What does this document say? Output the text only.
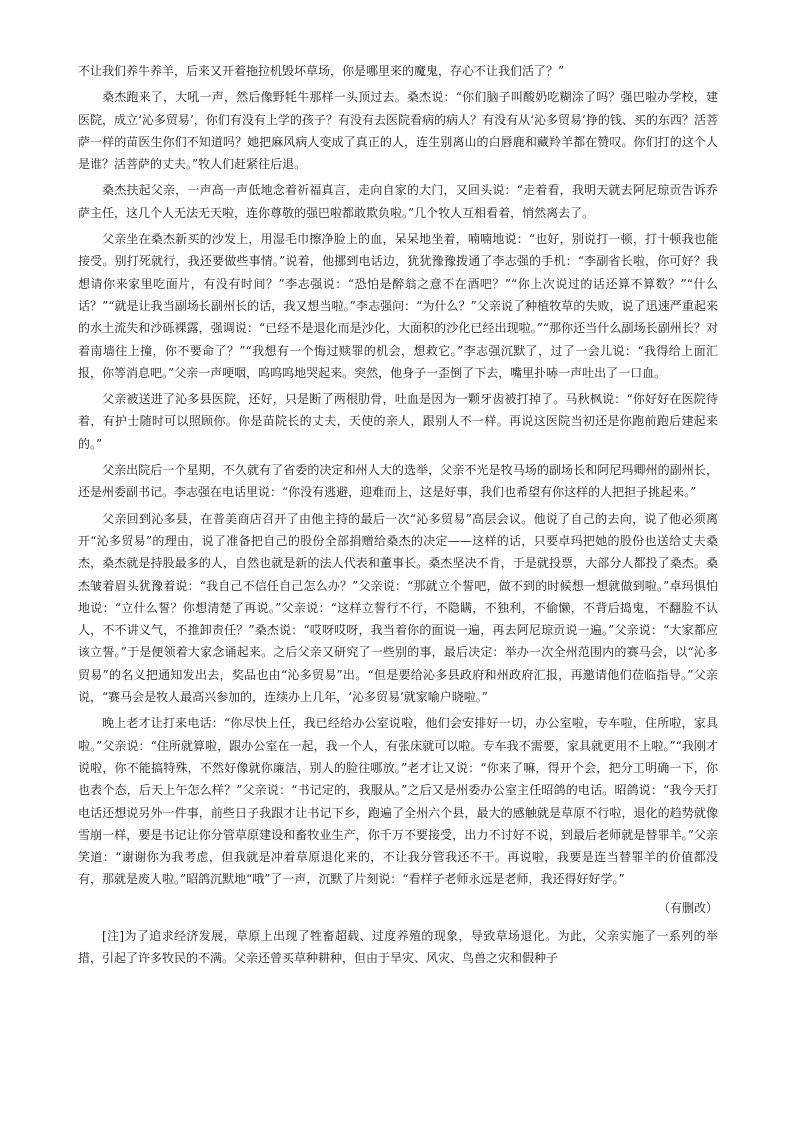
不让我们养牛养羊，后来又开着拖拉机毁坏草场，你是哪里来的魔鬼，存心不让我们活了？”

桑杰跑来了，大吼一声，然后像野牦牛那样一头顶过去。桑杰说：“你们脑子叫酸奶吃糊涂了吗？强巴啦办学校，建医院，成立‘沁多贸易’，你们有没有上学的孩子？有没有去医院看病的病人？有没有从‘沁多贸易’挣的钱、买的东西？活菩萨一样的苗医生你们不知道吗？她把麻风病人变成了真正的人，连生别离山的白唇鹿和藏羚羊都在赞叹。你们打的这个人是谁？活菩萨的丈夫。”牧人们赶紧往后退。

桑杰扶起父亲，一声高一声低地念着祈福真言，走向自家的大门，又回头说：“走着看，我明天就去阿尼琼贡告诉乔萨主任，这几个人无法无天啦，连你尊敬的强巴啦都敢欺负啦。”几个牧人互相看着，悄然离去了。

父亲坐在桑杰新买的沙发上，用湿毛巾擦净脸上的血，呆呆地坐着，喃喃地说：“也好，别说打一顿，打十顿我也能接受。别打死就行，我还要做些事情。”说着，他挪到电话边，犹犹豫豫拨通了李志强的手机：“李副省长啦，你可好？我想请你来家里吃面片，有没有时间？”李志强说：“恐怕是醉翁之意不在酒吧？”“你上次说过的话还算不算数？”“什么话？”“就是让我当副场长副州长的话，我又想当啦。”李志强问：“为什么？”父亲说了种植牧草的失败，说了迅速严重起来的水土流失和沙砾裸露，强调说：“已经不是退化而是沙化，大面积的沙化已经出现啦。”“那你还当什么副场长副州长？对着南墙往上撞，你不要命了？”“我想有一个悔过赎罪的机会，想救它。”李志强沉默了，过了一会儿说：“我得给上面汇报，你等消息吧。”父亲一声哽咽，呜呜呜地哭起来。突然，他身子一歪倒了下去，嘴里扑哧一声吐出了一口血。

父亲被送进了沁多县医院，还好，只是断了两根肋骨，吐血是因为一颗牙齿被打掉了。马秋枫说：“你好好在医院待着，有护士随时可以照顾你。你是苗院长的丈夫，天使的亲人，跟别人不一样。再说这医院当初还是你跑前跑后建起来的。”

父亲出院后一个星期，不久就有了省委的决定和州人大的选举，父亲不光是牧马场的副场长和阿尼玛卿州的副州长，还是州委副书记。李志强在电话里说：“你没有逃避，迎难而上，这是好事，我们也希望有你这样的人把担子挑起来。”

父亲回到沁多县，在普美商店召开了由他主持的最后一次“沁多贸易”高层会议。他说了自己的去向，说了他必须离开“沁多贸易”的理由，说了准备把自己的股份全部捐赠给桑杰的决定——这样的话，只要卓玛把她的股份也送给丈夫桑杰，桑杰就是持股最多的人，自然也就是新的法人代表和董事长。桑杰坚决不肯，于是就投票，大部分人都投了桑杰。桑杰皱着眉头犹豫着说：“我自己不信任自己怎么办？”父亲说：“那就立个誓吧，做不到的时候想一想就做到啦。”卓玛惧怕地说：“立什么誓？你想清楚了再说。”父亲说：“这样立誓行不行，不隐瞒，不独利，不偷懒，不背后捣鬼，不翻脸不认人，不不讲义气，不推卸责任？”桑杰说：“哎呀哎呀，我当着你的面说一遍，再去阿尼琼贡说一遍。”父亲说：“大家都应该立誓。”于是便领着大家念诵起来。之后父亲又研究了一些别的事，最后决定：举办一次全州范围内的赛马会，以“沁多贸易”的名义把通知发出去，奖品也由“沁多贸易”出。“但是要给沁多县政府和州政府汇报，再邀请他们莅临指导。”父亲说，“赛马会是牧人最高兴参加的，连续办上几年，‘沁多贸易’就家喻户晓啦。”

晚上老才让打来电话：“你尽快上任，我已经给办公室说啦，他们会安排好一切，办公室啦，专车啦，住所啦，家具啦。”父亲说：“住所就算啦，跟办公室在一起，我一个人，有张床就可以啦。专车我不需要，家具就更用不上啦。”“我刚才说啦，你不能搞特殊，不然好像就你廉洁，别人的脸往哪放。”老才让又说：“你来了嘛，得开个会，把分工明确一下，你也表个态，后天上午怎么样？”父亲说：“书记定的，我服从。”之后又是州委办公室主任昭鸽的电话。昭鸽说：“我今天打电话还想说另外一件事，前些日子我跟才让书记下乡，跑遍了全州六个县，最大的感触就是草原不行啦，退化的趋势就像雪崩一样，要是书记让你分管草原建设和畜牧业生产，你千万不要接受，出力不讨好不说，到最后老师就是替罪羊。”父亲笑道：“谢谢你为我考虑，但我就是冲着草原退化来的，不让我分管我还不干。再说啦，我要是连当替罪羊的价值都没有，那就是废人啦。”昭鸽沉默地“哦”了一声，沉默了片刻说：“看样子老师永远是老师，我还得好好学。”

（有删改）

[注]为了追求经济发展，草原上出现了牲畜超载、过度养殖的现象，导致草场退化。为此，父亲实施了一系列的举措，引起了许多牧民的不满。父亲还曾买草种耕种，但由于旱灾、风灾、鸟兽之灾和假种子
